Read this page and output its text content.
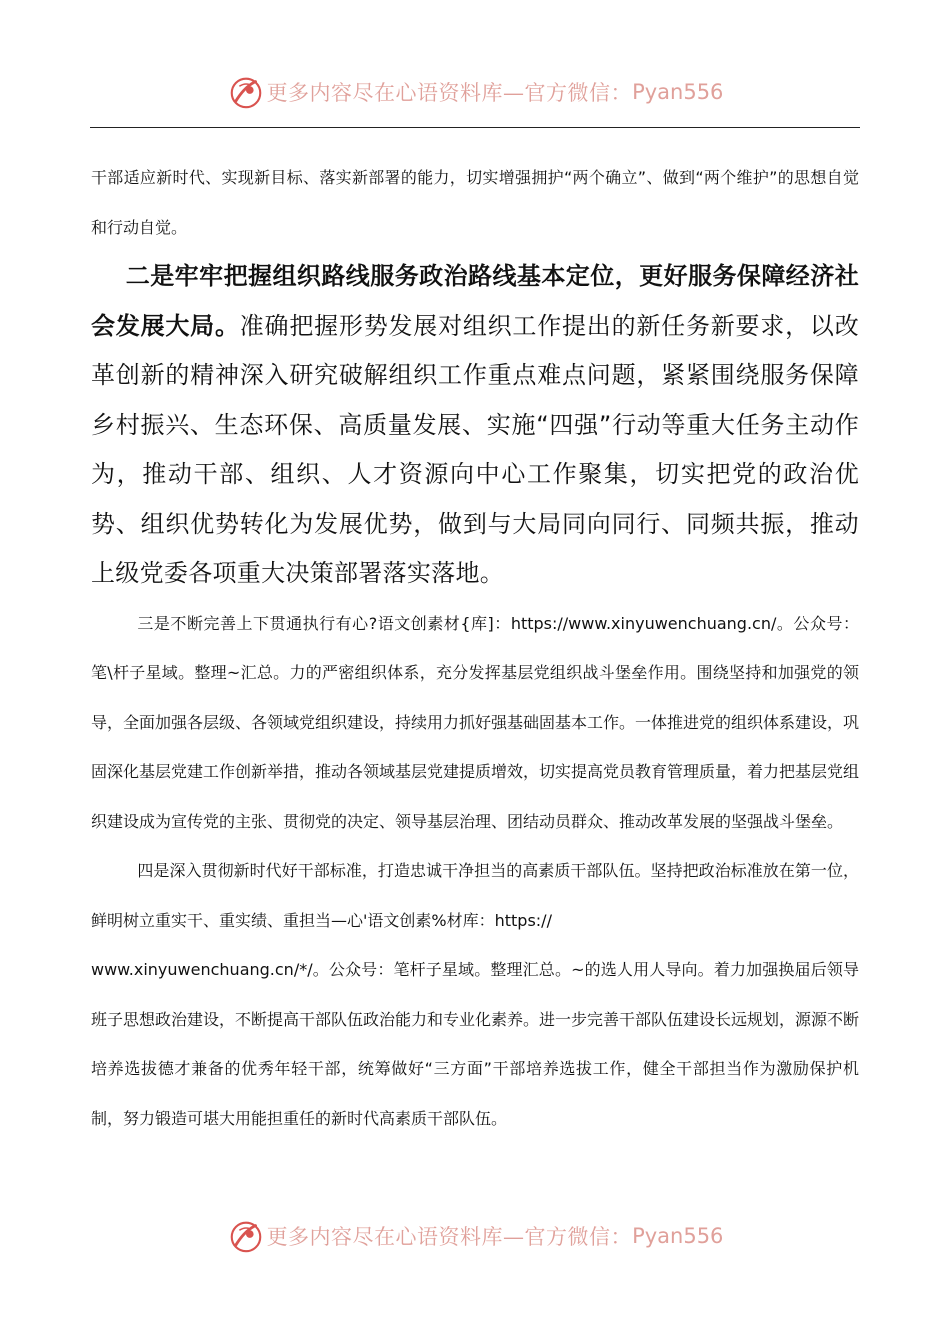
更多内容尽在心语资料库—官方微信： Pyan556

干部适应新时代、实现新目标、落实新部署的能力，切实增强拥护“两个确立”、做到“两个维护”的思想自觉和行动自觉。

二是牢牢把握组织路线服务政治路线基本定位，更好服务保障经济社会发展大局。准确把握形势发展对组织工作提出的新任务新要求，以改革创新的精神深入研究破解组织工作重点难点问题，紧紧围绕服务保障乡村振兴、生态环保、高质量发展、实施“四强”行动等重大任务主动作为，推动干部、组织、人才资源向中心工作聚集，切实把党的政治优势、组织优势转化为发展优势，做到与大局同向同行、同频共振，推动上级党委各项重大决策部署落实落地。

三是不断完善上下贯通执行有心?语文创素材{库]：https://www.xinyuwenchuang.cn/。公众号：笔\杆子星域。整理~汇总。力的严密组织体系，充分发挥基层党组织战斗堡垒作用。围绕坚持和加强党的领导，全面加强各层级、各领域党组织建设，持续用力抓好强基础固基本工作。一体推进党的组织体系建设，巩固深化基层党建工作创新举措，推动各领域基层党建提质增效，切实提高党员教育管理质量，着力把基层党组织建设成为宣传党的主张、贯彻党的决定、领导基层治理、团结动员群众、推动改革发展的坚强战斗堡垒。

四是深入贯彻新时代好干部标准，打造忠诚干净担当的高素质干部队伍。坚持把政治标准放在第一位，鲜明树立重实干、重实绩、重担当—心'语文创素%材库：https://

www.xinyuwenchuang.cn/*/。公众号：笔杆子星域。整理汇总。~的选人用人导向。着力加强换届后领导班子思想政治建设，不断提高干部队伍政治能力和专业化素养。进一步完善干部队伍建设长远规划，源源不断培养选拔德才兼备的优秀年轻干部，统筹做好“三方面”干部培养选拔工作，健全干部担当作为激励保护机制，努力锻造可堪大用能担重任的新时代高素质干部队伍。

更多内容尽在心语资料库—官方微信： Pyan556
